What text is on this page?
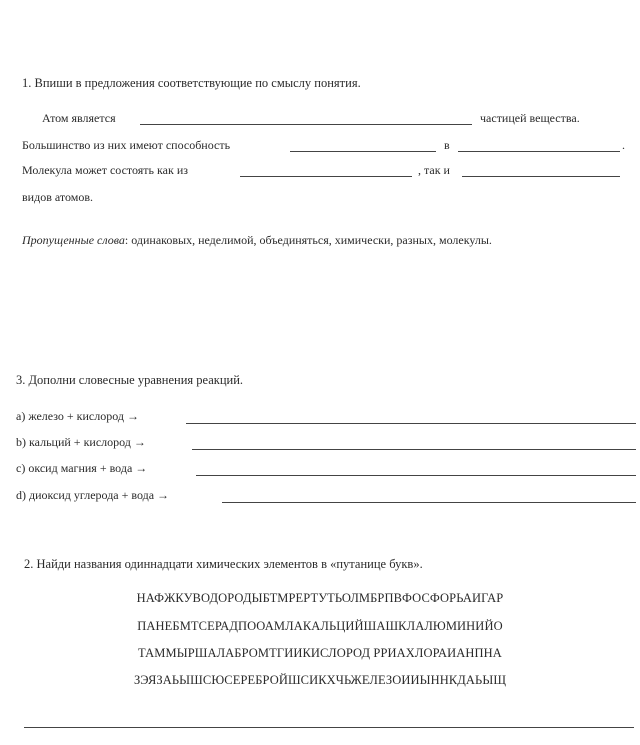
1. Впиши в предложения соответствующие по смыслу понятия.
Атом является	частицей вещества.
Большинство из них имеют способность	в	.
Молекула может состоять как из	, так и
видов атомов.
Пропущенные слова: одинаковых, неделимой, объединяться, химически, разных, молекулы.
3. Дополни словесные уравнения реакций.
а) железо + кислород →
b) кальций + кислород →
c) оксид магния + вода →
d) диоксид углерода + вода →
2. Найди названия одиннадцати химических элементов в «путанице букв».
НАФЖКУВОДОРОДЫБТМРЕРТУТЬОЛМБРПВФОСФОРЬАИГАР
ПАНЕБМТСЕРАДПООАМЛАКАЛЬЦИЙШАШКЛАЛЮМИНИЙО
ТАММЫРШАЛАБРОМТГИИКИСЛОРОД РРИАХЛОРАИАНПНА
ЗЭЯЗАЬЫШСЮСЕРЕБРОЙШСИКХЧЬЖЕЛЕЗОИИЫННКДАЬЫЩ
